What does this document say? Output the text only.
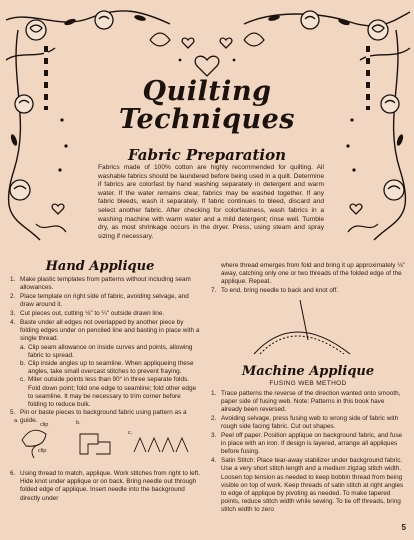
Quilting
Techniques
Fabric Preparation
Fabrics made of 100% cotton are highly recommended for quilting. All washable fabrics should be laundered before being used in a quilt. Determine if fabrics are colorfast by hand washing separately in detergent and warm water. If the water remains clear, fabrics may be washed together. If any fabric bleeds, wash it separately. If fabric continues to bleed, discard and select another fabric. After checking for colorfastness, wash fabrics in a washing machine with warm water and a mild detergent; rinse well. Tumble dry, as most shrinkage occurs in the dryer. Press, using steam and spray sizing if necessary.
Hand Applique
1. Make plastic templates from patterns without including seam allowances.
2. Place template on right side of fabric, avoiding selvage, and draw around it.
3. Cut pieces out, cutting ⅛" to ¼" outside drawn line.
4. Baste under all edges not overlapped by another piece by folding edges under on penciled line and basting in place with a single thread.
a. Clip seam allowance on inside curves and points, allowing fabric to spread.
b. Clip inside angles up to seamline. When appliqueing these angles, take small overcast stitches to prevent fraying.
c. Miter outside points less than 90° in three separate folds. Fold down point; fold one edge to seamline; fold other edge to seamline. It may be necessary to trim corner before folding to reduce bulk.
5. Pin or baste pieces to background fabric using pattern as a guide.
a.
clip
clip
b.
c.
6. Using thread to match, applique. Work stitches from right to left. Hide knot under applique or on back. Bring needle out through folded edge of applique. Insert needle into the background directly under
where thread emerges from fold and bring it up approximately ⅛" away, catching only one or two threads of the folded edge of the applique. Repeat.
7. To end, bring needle to back and knot off.
Machine Applique
FUSING WEB METHOD
1. Trace patterns the reverse of the direction wanted onto smooth, paper side of fusing web. Note: Patterns in this book have already been reversed.
2. Avoiding selvage, press fusing web to wrong side of fabric with rough side facing fabric. Cut out shapes.
3. Peel off paper. Position applique on background fabric, and fuse in place with an iron. If design is layered, arrange all appliques before fusing.
4. Satin Stitch: Place tear-away stabilizer under background fabric. Use a very short stitch length and a medium zigzag stitch width. Loosen top tension as needed to keep bobbin thread from being visible on top of work. Keep threads of satin stitch at right angles to edge of applique by pivoting as needed. To make tapered points, reduce stitch width while sewing. To tie off threads, bring stitch width to zero
5
